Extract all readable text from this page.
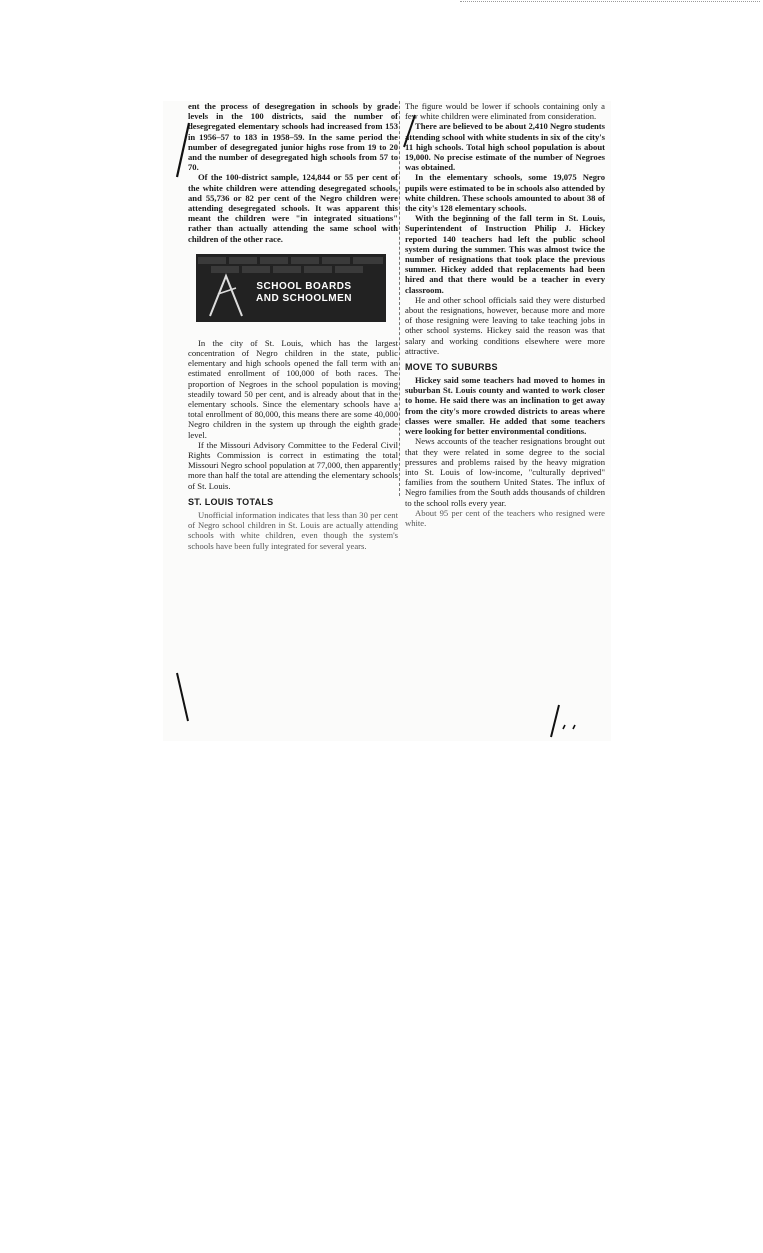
ent the process of desegregation in schools by grade levels in the 100 districts, said the number of desegregated elementary schools had increased from 153 in 1956–57 to 183 in 1958–59. In the same period the number of desegregated junior highs rose from 19 to 20 and the number of desegregated high schools from 57 to 70.

Of the 100-district sample, 124,844 or 55 per cent of the white children were attending desegregated schools, and 55,736 or 82 per cent of the Negro children were attending desegregated schools. It was apparent this meant the children were "in integrated situations" rather than actually attending the same school with children of the other race.

SCHOOL BOARDS
AND SCHOOLMEN

In the city of St. Louis, which has the largest concentration of Negro children in the state, public elementary and high schools opened the fall term with an estimated enrollment of 100,000 of both races. The proportion of Negroes in the school population is moving steadily toward 50 per cent, and is already about that in the elementary schools. Since the elementary schools have a total enrollment of 80,000, this means there are some 40,000 Negro children in the system up through the eighth grade level.

If the Missouri Advisory Committee to the Federal Civil Rights Commission is correct in estimating the total Missouri Negro school population at 77,000, then apparently more than half the total are attending the elementary schools of St. Louis.

ST. LOUIS TOTALS

Unofficial information indicates that less than 30 per cent of Negro school children in St. Louis are actually attending schools with white children, even though the system's schools have been fully integrated for several years.

The figure would be lower if schools containing only a few white children were eliminated from consideration.

There are believed to be about 2,410 Negro students attending school with white students in six of the city's 11 high schools. Total high school population is about 19,000. No precise estimate of the number of Negroes was obtained.

In the elementary schools, some 19,075 Negro pupils were estimated to be in schools also attended by white children. These schools amounted to about 38 of the city's 128 elementary schools.

With the beginning of the fall term in St. Louis, Superintendent of Instruction Philip J. Hickey reported 140 teachers had left the public school system during the summer. This was almost twice the number of resignations that took place the previous summer. Hickey added that replacements had been hired and that there would be a teacher in every classroom.

He and other school officials said they were disturbed about the resignations, however, because more and more of those resigning were leaving to take teaching jobs in other school systems. Hickey said the reason was that salary and working conditions elsewhere were more attractive.

MOVE TO SUBURBS

Hickey said some teachers had moved to homes in suburban St. Louis county and wanted to work closer to home. He said there was an inclination to get away from the city's more crowded districts to areas where classes were smaller. He added that some teachers were looking for better environmental conditions.

News accounts of the teacher resignations brought out that they were related in some degree to the social pressures and problems raised by the heavy migration into St. Louis of low-income, "culturally deprived" families from the southern United States. The influx of Negro families from the South adds thousands of children to the school rolls every year.

About 95 per cent of the teachers who resigned were white.
